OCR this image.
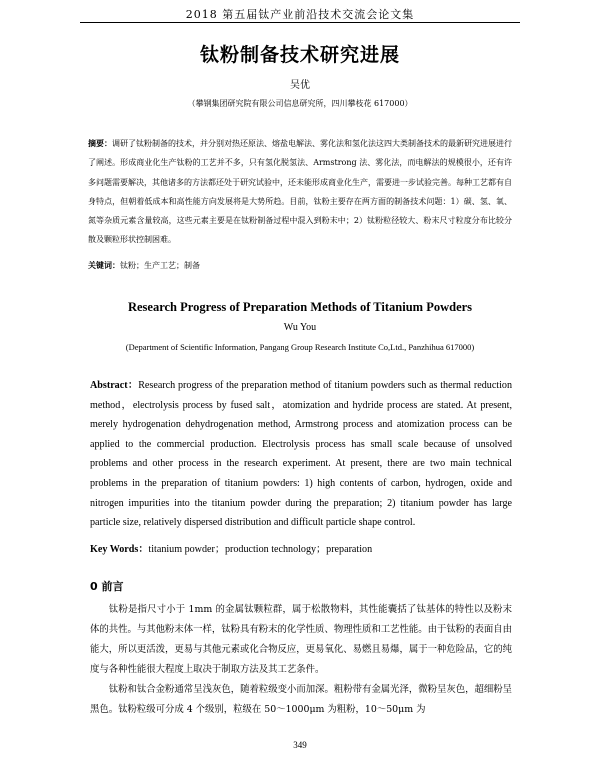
2018 第五届钛产业前沿技术交流会论文集
钛粉制备技术研究进展
吴优
（攀钢集团研究院有限公司信息研究所，四川攀枝花 617000）
摘要：调研了钛粉制备的技术，并分别对热还原法、熔盐电解法、雾化法和氢化法这四大类制备技术的最新研究进展进行了阐述。形成商业化生产钛粉的工艺并不多，只有氢化脱氢法、Armstrong 法、雾化法，而电解法的规模很小，还有许多问题需要解决，其他诸多的方法都还处于研究试验中，还未能形成商业化生产，需要进一步试验完善。每种工艺都有自身特点，但朝着低成本和高性能方向发展将是大势所趋。目前，钛粉主要存在两方面的制备技术问题：1）碳、氢、氧、氮等杂质元素含量较高，这些元素主要是在钛粉制备过程中混入到粉末中；2）钛粉粒径较大、粉末尺寸粒度分布比较分散及颗粒形状控制困难。
关键词：钛粉；生产工艺；制备
Research Progress of Preparation Methods of Titanium Powders
Wu You
(Department of Scientific Information, Pangang Group Research Institute Co,Ltd., Panzhihua 617000)
Abstract：Research progress of the preparation method of titanium powders such as thermal reduction method，electrolysis process by fused salt，atomization and hydride process are stated. At present, merely hydrogenation dehydrogenation method, Armstrong process and atomization process can be applied to the commercial production. Electrolysis process has small scale because of unsolved problems and other process in the research experiment. At present, there are two main technical problems in the preparation of titanium powders: 1) high contents of carbon, hydrogen, oxide and nitrogen impurities into the titanium powder during the preparation; 2) titanium powder has large particle size, relatively dispersed distribution and difficult particle shape control.
Key Words：titanium powder；production technology；preparation
0 前言

钛粉是指尺寸小于 1mm 的金属钛颗粒群，属于松散物料，其性能囊括了钛基体的特性以及粉末体的共性。与其他粉末体一样，钛粉具有粉末的化学性质、物理性质和工艺性能。由于钛粉的表面自由能大，所以更活泼，更易与其他元素或化合物反应，更易氧化、易燃且易爆，属于一种危险品，它的纯度与各种性能很大程度上取决于制取方法及其工艺条件。

钛粉和钛合金粉通常呈浅灰色，随着粒级变小而加深。粗粉带有金属光泽，微粉呈灰色，超细粉呈黑色。钛粉粒级可分成 4 个级别，粒级在 50～1000μm 为粗粉，10～50μm 为

349
